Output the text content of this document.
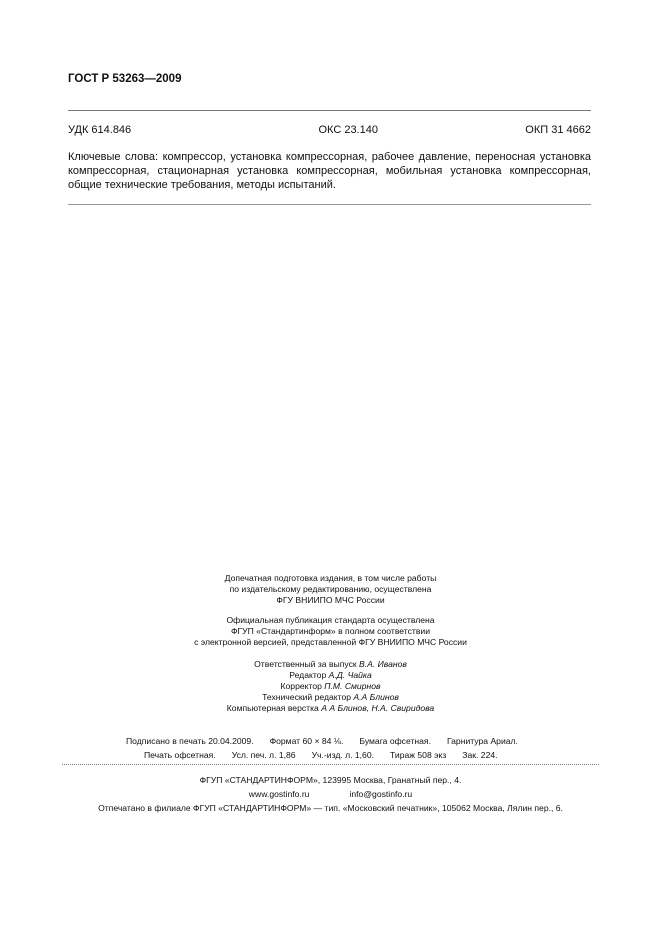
ГОСТ Р 53263—2009
УДК 614.846	ОКС 23.140	ОКП 31 4662
Ключевые слова: компрессор, установка компрессорная, рабочее давление, переносная установка компрессорная, стационарная установка компрессорная, мобильная установка компрессорная, общие технические требования, методы испытаний.
Допечатная подготовка издания, в том числе работы
по издательскому редактированию, осуществлена
ФГУ ВНИИПО МЧС России
Официальная публикация стандарта осуществлена
ФГУП «Стандартинформ» в полном соответствии
с электронной версией, представленной ФГУ ВНИИПО МЧС России
Ответственный за выпуск В.А. Иванов
Редактор А.Д. Чайка
Корректор П.М. Смирнов
Технический редактор А.А Блинов
Компьютерная верстка А А Блинов, Н.А. Свиридова
Подписано в печать 20.04.2009. Формат 60 × 84 ⅛. Бумага офсетная. Гарнитура Ариал.
Печать офсетная. Усл. печ. л. 1,86 Уч.-изд. л. 1,60. Тираж 508 экз Зак. 224.
ФГУП «СТАНДАРТИНФОРМ», 123995 Москва, Гранатный пер., 4.
www.gostinfo.ru	info@gostinfo.ru
Отпечатано в филиале ФГУП «СТАНДАРТИНФОРМ» — тип. «Московский печатник», 105062 Москва, Лялин пер., 6.
